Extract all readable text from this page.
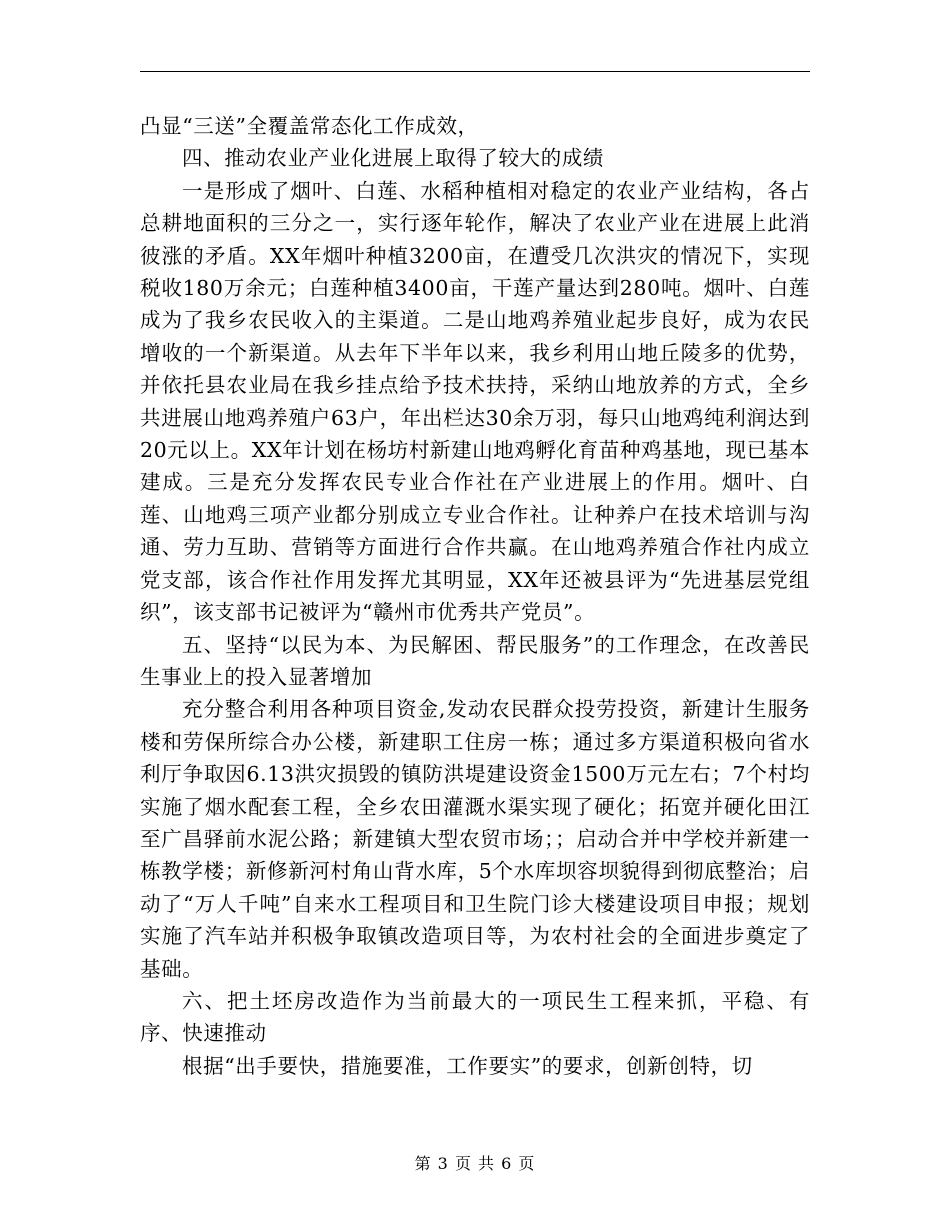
凸显“三送”全覆盖常态化工作成效，

四、推动农业产业化进展上取得了较大的成绩

一是形成了烟叶、白莲、水稻种植相对稳定的农业产业结构，各占总耕地面积的三分之一，实行逐年轮作，解决了农业产业在进展上此消彼涨的矛盾。XX年烟叶种植3200亩，在遭受几次洪灾的情况下，实现税收180万余元；白莲种植3400亩，干莲产量达到280吨。烟叶、白莲成为了我乡农民收入的主渠道。二是山地鸡养殖业起步良好，成为农民增收的一个新渠道。从去年下半年以来，我乡利用山地丘陵多的优势，并依托县农业局在我乡挂点给予技术扶持，采纳山地放养的方式，全乡共进展山地鸡养殖户63户，年出栏达30余万羽，每只山地鸡纯利润达到20元以上。XX年计划在杨坊村新建山地鸡孵化育苗种鸡基地，现已基本建成。三是充分发挥农民专业合作社在产业进展上的作用。烟叶、白莲、山地鸡三项产业都分别成立专业合作社。让种养户在技术培训与沟通、劳力互助、营销等方面进行合作共赢。在山地鸡养殖合作社内成立党支部，该合作社作用发挥尤其明显，XX年还被县评为“先进基层党组织”，该支部书记被评为“赣州市优秀共产党员”。

五、坚持“以民为本、为民解困、帮民服务”的工作理念，在改善民生事业上的投入显著增加

充分整合利用各种项目资金,发动农民群众投劳投资，新建计生服务楼和劳保所综合办公楼，新建职工住房一栋；通过多方渠道积极向省水利厅争取因6.13洪灾损毁的镇防洪堤建设资金1500万元左右；7个村均实施了烟水配套工程，全乡农田灌溉水渠实现了硬化；拓宽并硬化田江至广昌驿前水泥公路；新建镇大型农贸市场；；启动合并中学校并新建一栋教学楼；新修新河村角山背水库，5个水库坝容坝貌得到彻底整治；启动了“万人千吨”自来水工程项目和卫生院门诊大楼建设项目申报；规划实施了汽车站并积极争取镇改造项目等，为农村社会的全面进步奠定了基础。

六、把土坯房改造作为当前最大的一项民生工程来抓，平稳、有序、快速推动

根据“出手要快，措施要准，工作要实”的要求，创新创特，切

第 3 页 共 6 页
